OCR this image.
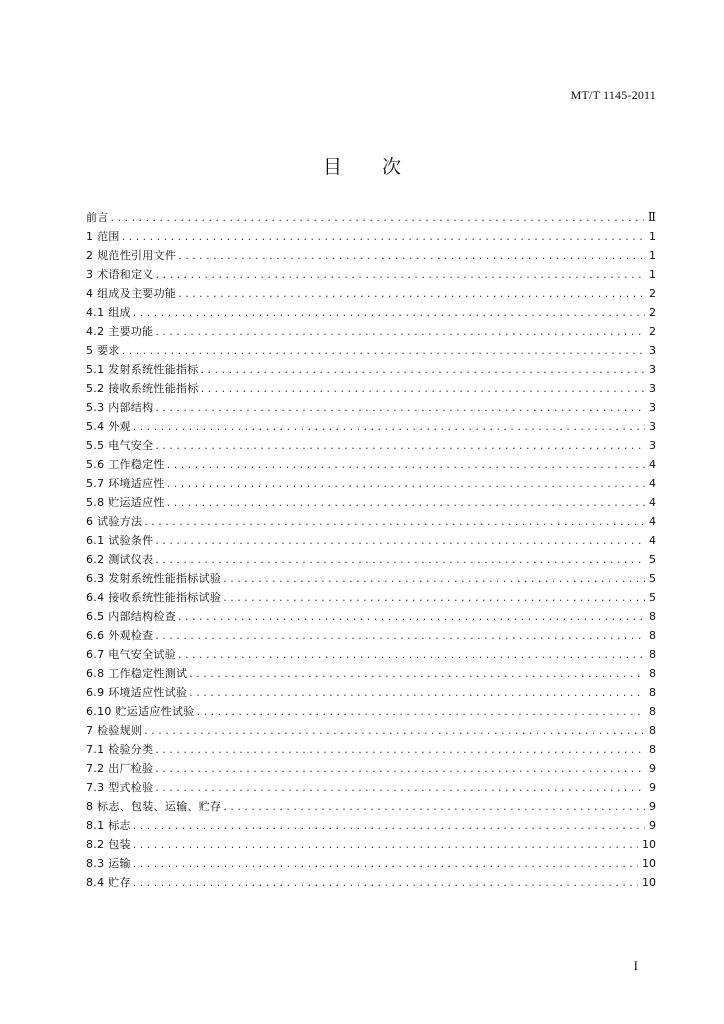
MT/T 1145-2011
目 次
前言 . . .	Ⅱ
1 范围 . . .	1
2 规范性引用文件 . . .	1
3 术语和定义 . . .	1
4 组成及主要功能 . . .	2
4.1 组成 . . .	2
4.2 主要功能 . . .	2
5 要求 . . .	3
5.1 发射系统性能指标 . . .	3
5.2 接收系统性能指标 . . .	3
5.3 内部结构 . . .	3
5.4 外观 . . .	3
5.5 电气安全 . . .	3
5.6 工作稳定性 . . .	4
5.7 环境适应性 . . .	4
5.8 贮运适应性 . . .	4
6 试验方法 . . .	4
6.1 试验条件 . . .	4
6.2 测试仪表 . . .	5
6.3 发射系统性能指标试验 . . .	5
6.4 接收系统性能指标试验 . . .	5
6.5 内部结构检查 . . .	8
6.6 外观检查 . . .	8
6.7 电气安全试验 . . .	8
6.8 工作稳定性测试 . . .	8
6.9 环境适应性试验 . . .	8
6.10 贮运适应性试验 . . .	8
7 检验规则 . . .	8
7.1 检验分类 . . .	8
7.2 出厂检验 . . .	9
7.3 型式检验 . . .	9
8 标志、包装、运输、贮存 . . .	9
8.1 标志 . . .	9
8.2 包装 . . .	10
8.3 运输 . . .	10
8.4 贮存 . . .	10
I
